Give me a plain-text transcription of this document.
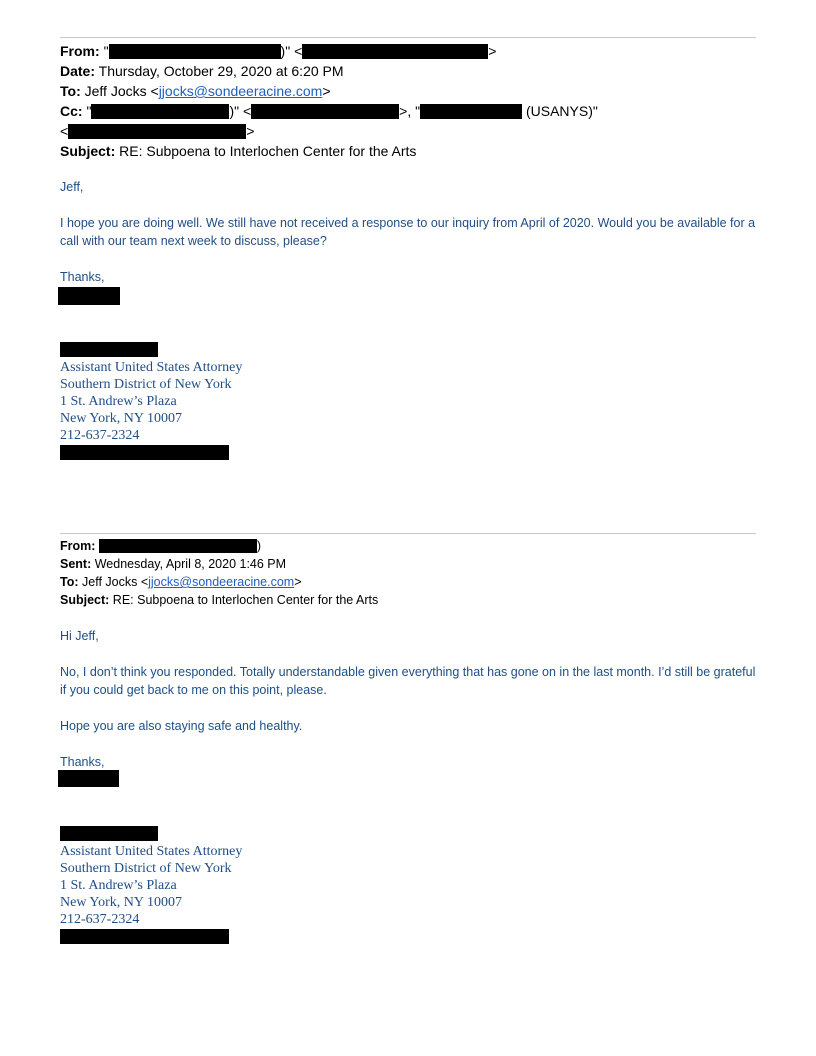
From: "	)" <	>
Date: Thursday, October 29, 2020 at 6:20 PM
To: Jeff Jocks <jjocks@sondeeracine.com>
Cc: "	)" <	>, "	(USANYS)"
<	>
Subject: RE: Subpoena to Interlochen Center for the Arts
Jeff,
I hope you are doing well. We still have not received a response to our inquiry from April of 2020. Would you be available for a call with our team next week to discuss, please?
Thanks,
Assistant United States Attorney
Southern District of New York
1 St. Andrew’s Plaza
New York, NY 10007
212-637-2324
From:	)
Sent: Wednesday, April 8, 2020 1:46 PM
To: Jeff Jocks <jjocks@sondeeracine.com>
Subject: RE: Subpoena to Interlochen Center for the Arts
Hi Jeff,
No, I don’t think you responded. Totally understandable given everything that has gone on in the last month. I’d still be grateful if you could get back to me on this point, please.
Hope you are also staying safe and healthy.
Thanks,
Assistant United States Attorney
Southern District of New York
1 St. Andrew’s Plaza
New York, NY 10007
212-637-2324
